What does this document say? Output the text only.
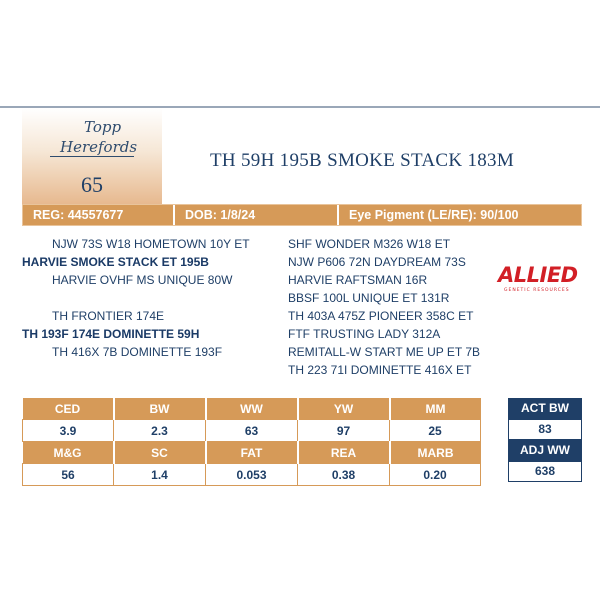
Topp
Herefords
65
TH 59H 195B SMOKE STACK 183M
REG: 44557677	DOB: 1/8/24	Eye Pigment (LE/RE): 90/100
NJW 73S W18 HOMETOWN 10Y ET
HARVIE SMOKE STACK ET 195B
HARVIE OVHF MS UNIQUE 80W
TH FRONTIER 174E
TH 193F 174E DOMINETTE 59H
TH 416X 7B DOMINETTE 193F
SHF WONDER M326 W18 ET
NJW P606 72N DAYDREAM 73S
HARVIE RAFTSMAN 16R
BBSF 100L UNIQUE ET 131R
TH 403A 475Z PIONEER 358C ET
FTF TRUSTING LADY 312A
REMITALL-W START ME UP ET 7B
TH 223 71I DOMINETTE 416X ET
ALLIED
GENETIC RESOURCES
CED	BW	WW	YW	MM
3.9	2.3	63	97	25
M&G	SC	FAT	REA	MARB
56	1.4	0.053	0.38	0.20
ACT BW
83
ADJ WW
638
